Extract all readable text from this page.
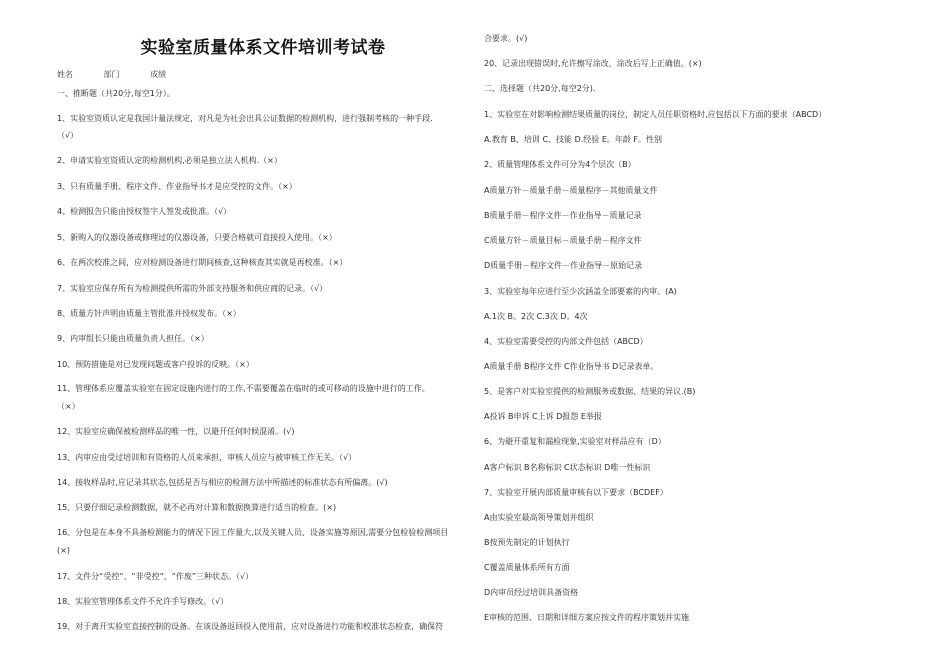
实验室质量体系文件培训考试卷
姓名	部门	成绩
一、推断题（共20分,每空1分）。
1、实验室资质认定是我国计量法规定，对凡是为社会出具公证数据的检测机构，进行强制考核的一种手段.
（√）
2、申请实验室资质认定的检测机构,必须是独立法人机构.（×）
3、只有质量手册、程序文件、作业指导书才是应受控的文件。（×）
4、检测报告只能由授权签字人签发或批准。（√）
5、新购入的仪器设备或修理过的仪器设备，只要合格就可直接投入使用。（×）
6、在两次校准之间，应对检测设备进行期间核查,这种核查其实就是再校准。（×）
7、实验室应保存所有为检测提供所需的外部支持服务和供应商的记录。（√）
8、质量方针声明由质量主管批准并授权发布。（×）
9、内审组长只能由质量负责人担任。（×）
10、预防措施是对已发现问题或客户投诉的反映。（×）
11、管理体系应覆盖实验室在固定设施内进行的工作,不需要覆盖在临时的或可移动的设施中进行的工作。
（×）
12、实验室应确保被检测样品的唯一性，以避开任何时候混淆。(√)
13、内审应由受过培训和有资格的人员来承担，审核人员应与被审核工作无关。（√）
14、接收样品时,应记录其状态,包括是否与相应的检测方法中所描述的标准状态有所偏离。(√)
15、只要仔细记录检测数据，就不必再对计算和数据换算进行适当的检查。(×)
16、分包是在本身不具备检测能力的情况下因工作量大,以及关键人员、设备实施等原因,需要分包检验检测项目
(×)
17、文件分“受控”、“非受控”、“作废”三种状态。（√）
18、实验室管理体系文件不允许手写修改。（√）
19、对于离开实验室直接控制的设备。在该设备返回投入使用前，应对设备进行功能和校准状态检查，确保符
合要求。(√)
20、记录出现错误时,允许擦写涂改，涂改后写上正确值。(×)
二、选择题（共20分,每空2分).
1、实验室在对影响检测结果质量的岗位，制定人员任职资格时,应包括以下方面的要求（ABCD）
A.教育 B、培训 C、技能 D.经验 E。年龄 F。性别
2、质量管理体系文件可分为4个层次（B）
A质量方针－质量手册－质量程序－其他质量文件
B质量手册－程序文件－作业指导－质量记录
C质量方针－质量目标－质量手册－程序文件
D质量手册－程序文件－作业指导－原始记录
3、实验室每年应进行至少次涵盖全部要素的内审。(A)
A.1次 B。2次 C.3次 D。4次
4、实验室需要受控的内部文件包括（ABCD）
A质量手册 B程序文件 C作业指导书 D记录表单。
5、是客户对实验室提供的检测服务或数据、结果的异议.(B)
A投诉 B申诉 C上诉 D报怨 E举报
6、为避开重复和漏检现象,实验室对样品应有（D）
A客户标识 B名称标识 C状态标识 D唯一性标识
7、实验室开展内部质量审核有以下要求（BCDEF）
A由实验室最高领导策划并组织
B按预先制定的计划执行
C覆盖质量体系所有方面
D内审员经过培训具备资格
E审核的范围、日期和详细方案应按文件的程序策划并实施
